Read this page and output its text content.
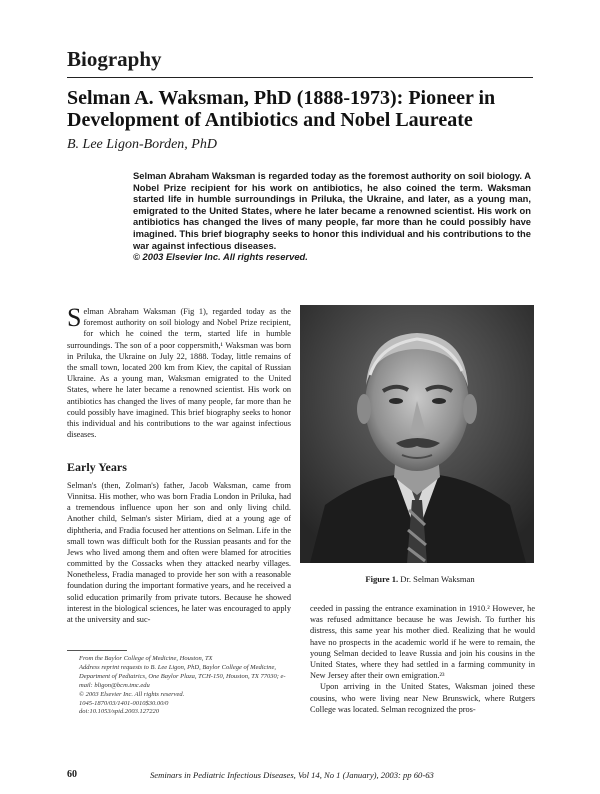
Biography
Selman A. Waksman, PhD (1888-1973): Pioneer in Development of Antibiotics and Nobel Laureate
B. Lee Ligon-Borden, PhD

Selman Abraham Waksman is regarded today as the foremost authority on soil biology. A Nobel Prize recipient for his work on antibiotics, he also coined the term. Waksman started life in humble surroundings in Priluka, the Ukraine, and later, as a young man, emigrated to the United States, where he later became a renowned scientist. His work on antibiotics has changed the lives of many people, far more than he could possibly have imagined. This brief biography seeks to honor this individual and his contributions to the war against infectious diseases.

© 2003 Elsevier Inc. All rights reserved.

Selman Abraham Waksman (Fig 1), regarded today as the foremost authority on soil biology and Nobel Prize recipient, for which he coined the term, started life in humble surroundings. The son of a poor coppersmith,¹ Waksman was born in Priluka, the Ukraine on July 22, 1888. Today, little remains of the small town, located 200 km from Kiev, the capital of Russian Ukraine. As a young man, Waksman emigrated to the United States, where he later became a renowned scientist. His work on antibiotics has changed the lives of many people, far more than he could possibly have imagined. This brief biography seeks to honor this individual and his contributions to the war against infectious diseases.

Early Years

Selman's (then, Zolman's) father, Jacob Waksman, came from Vinnitsa. His mother, who was born Fradia London in Priluka, had a tremendous influence upon her son and only living child. Another child, Selman's sister Miriam, died at a young age of diphtheria, and Fradia focused her attentions on Selman. Life in the small town was difficult both for the Russian peasants and for the Jews who lived among them and often were blamed for atrocities committed by the Cossacks when they attacked nearby villages. Nonetheless, Fradia managed to provide her son with a reasonable foundation during the important formative years, and he received a solid education primarily from private tutors. Because he showed interest in the biological sciences, he later was encouraged to apply at the university and suc-

Figure 1. Dr. Selman Waksman

ceeded in passing the entrance examination in 1910.² However, he was refused admittance because he was Jewish. To further his distress, this same year his mother died. Realizing that he would have no prospects in the academic world if he were to remain, the young Selman decided to leave Russia and join his cousins in the United States, where they had settled in a farming community in New Jersey after their own emigration.²³

Upon arriving in the United States, Waksman joined these cousins, who were living near New Brunswick, where Rutgers College was located. Selman recognized the pros-

From the Baylor College of Medicine, Houston, TX

Address reprint requests to B. Lee Ligon, PhD, Baylor College of Medicine, Department of Pediatrics, One Baylor Plaza, TCH-150, Houston, TX 77030; e-mail: bligon@bcm.tmc.edu

© 2003 Elsevier Inc. All rights reserved.

1045-1870/03/1401-0010$30.00/0

doi:10.1053/spid.2003.127220

60	Seminars in Pediatric Infectious Diseases, Vol 14, No 1 (January), 2003: pp 60-63
